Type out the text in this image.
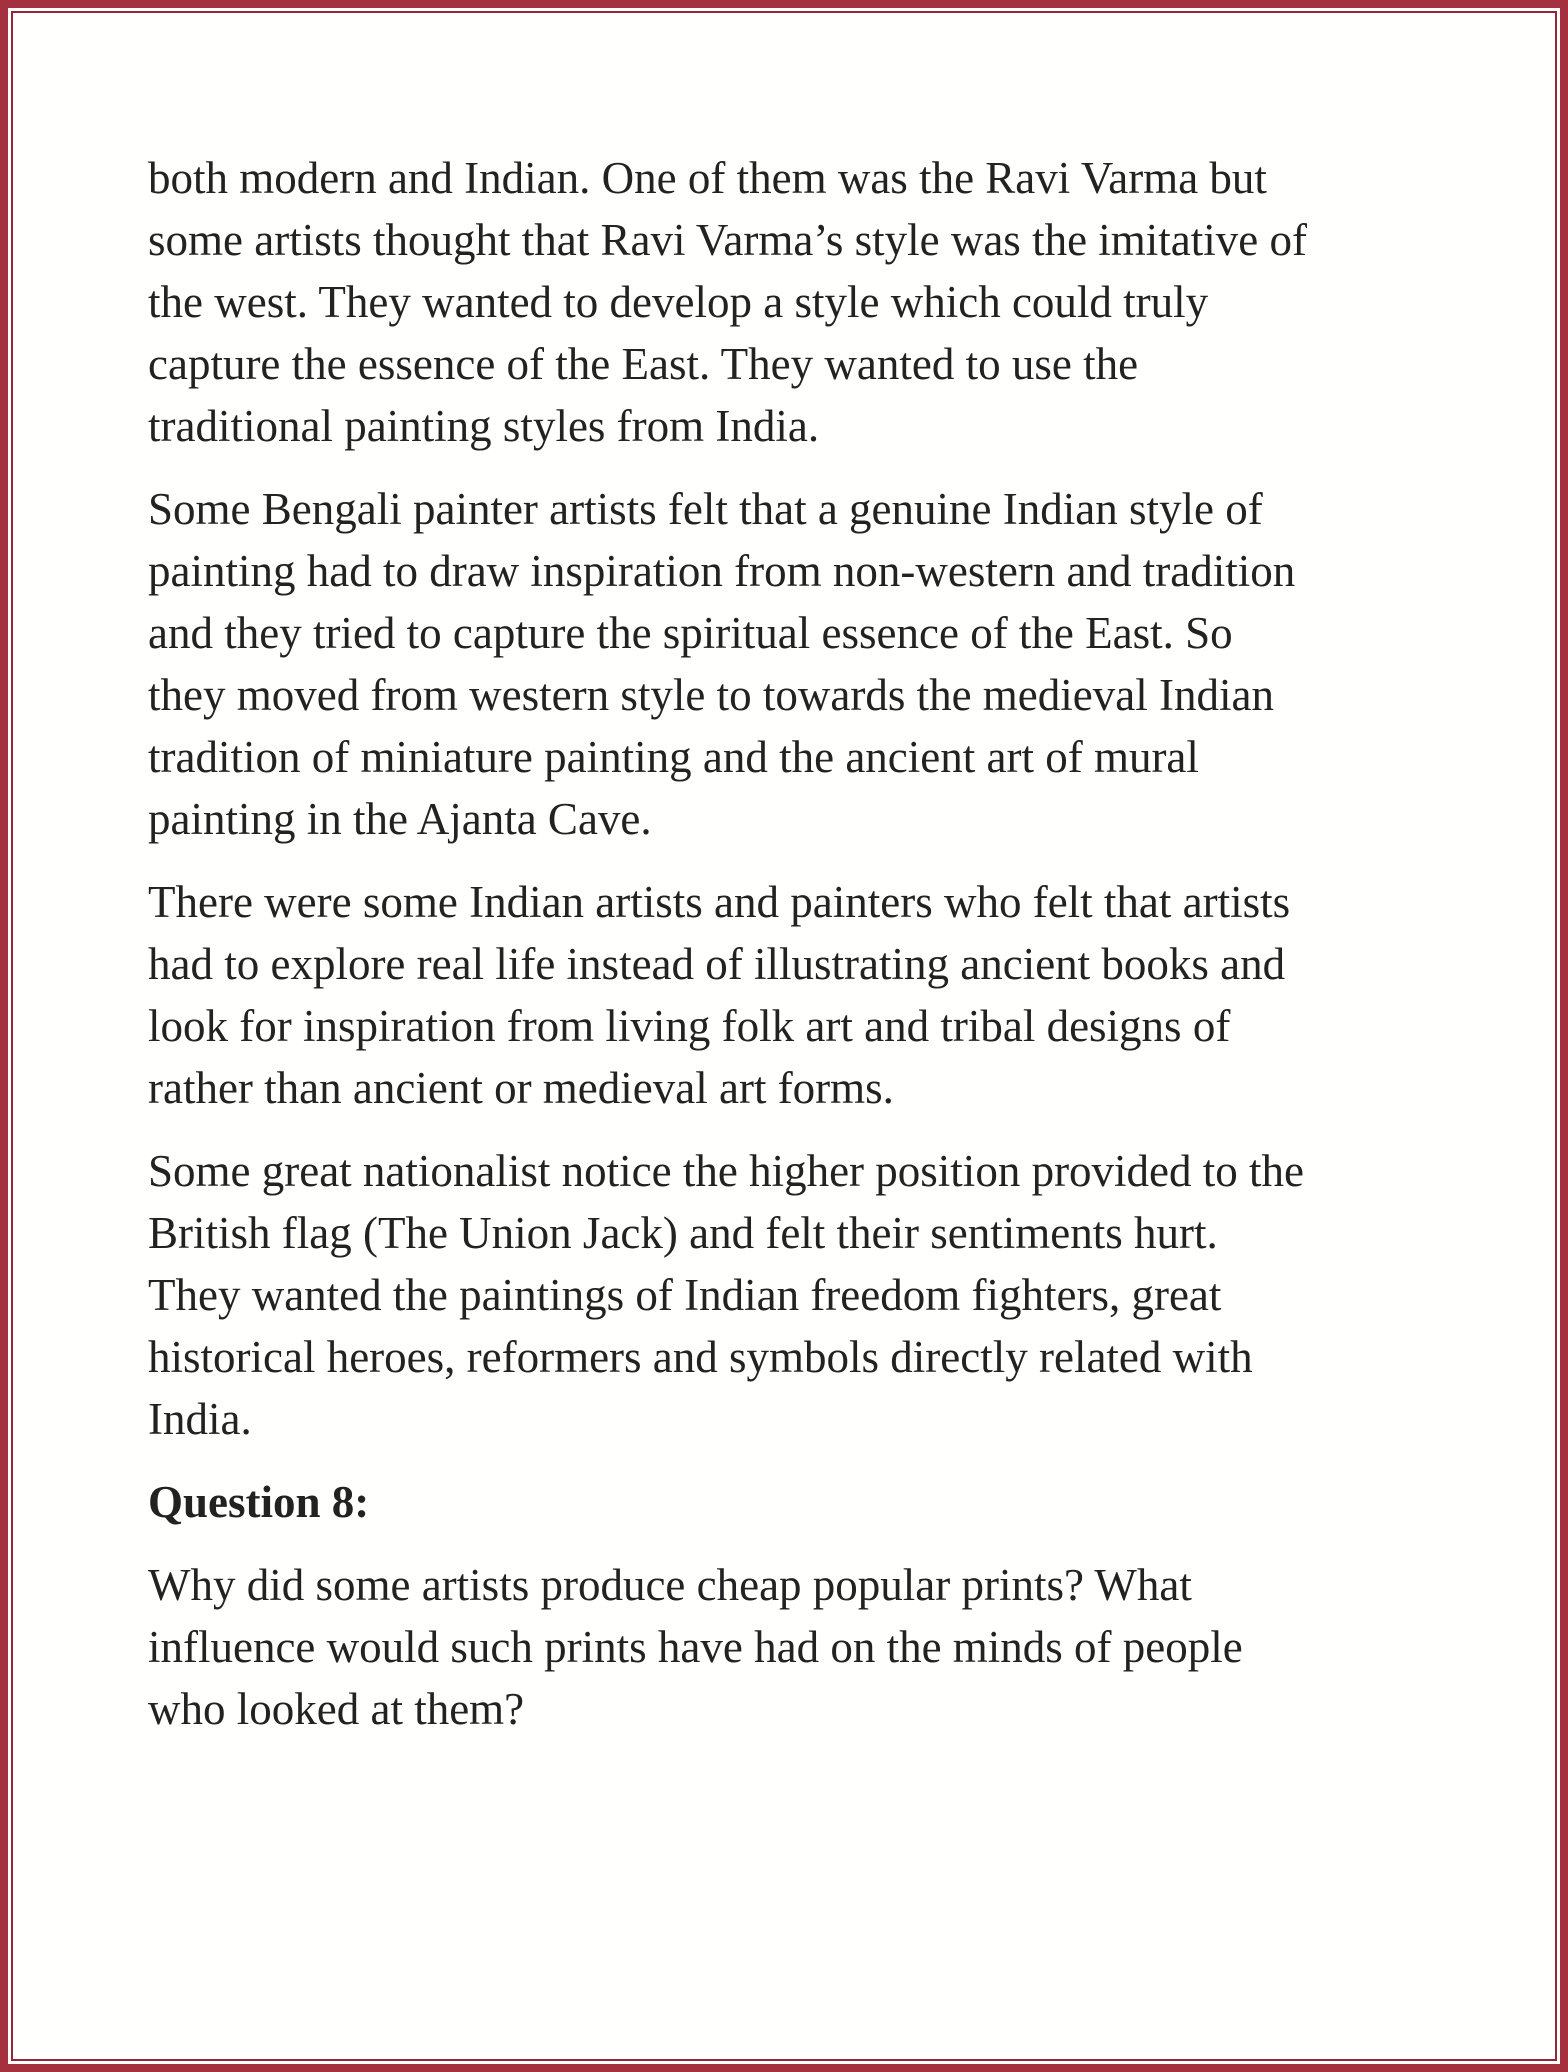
both modern and Indian. One of them was the Ravi Varma but
some artists thought that Ravi Varma’s style was the imitative of
the west. They wanted to develop a style which could truly
capture the essence of the East. They wanted to use the
traditional painting styles from India.
Some Bengali painter artists felt that a genuine Indian style of
painting had to draw inspiration from non-western and tradition
and they tried to capture the spiritual essence of the East. So
they moved from western style to towards the medieval Indian
tradition of miniature painting and the ancient art of mural
painting in the Ajanta Cave.
There were some Indian artists and painters who felt that artists
had to explore real life instead of illustrating ancient books and
look for inspiration from living folk art and tribal designs of
rather than ancient or medieval art forms.
Some great nationalist notice the higher position provided to the
British flag (The Union Jack) and felt their sentiments hurt.
They wanted the paintings of Indian freedom fighters, great
historical heroes, reformers and symbols directly related with
India.
Question 8:
Why did some artists produce cheap popular prints? What
influence would such prints have had on the minds of people
who looked at them?
